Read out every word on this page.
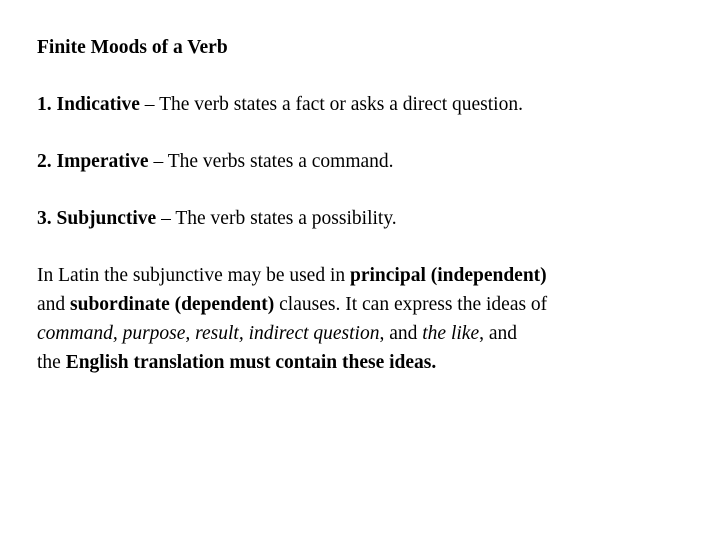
Finite Moods of a Verb

1. Indicative – The verb states a fact or asks a direct question.

2. Imperative – The verbs states a command.

3. Subjunctive – The verb states a possibility.

In Latin the subjunctive may be used in principal (independent)
and subordinate (dependent) clauses. It can express the ideas of
command, purpose, result, indirect question, and the like, and
the English translation must contain these ideas.
